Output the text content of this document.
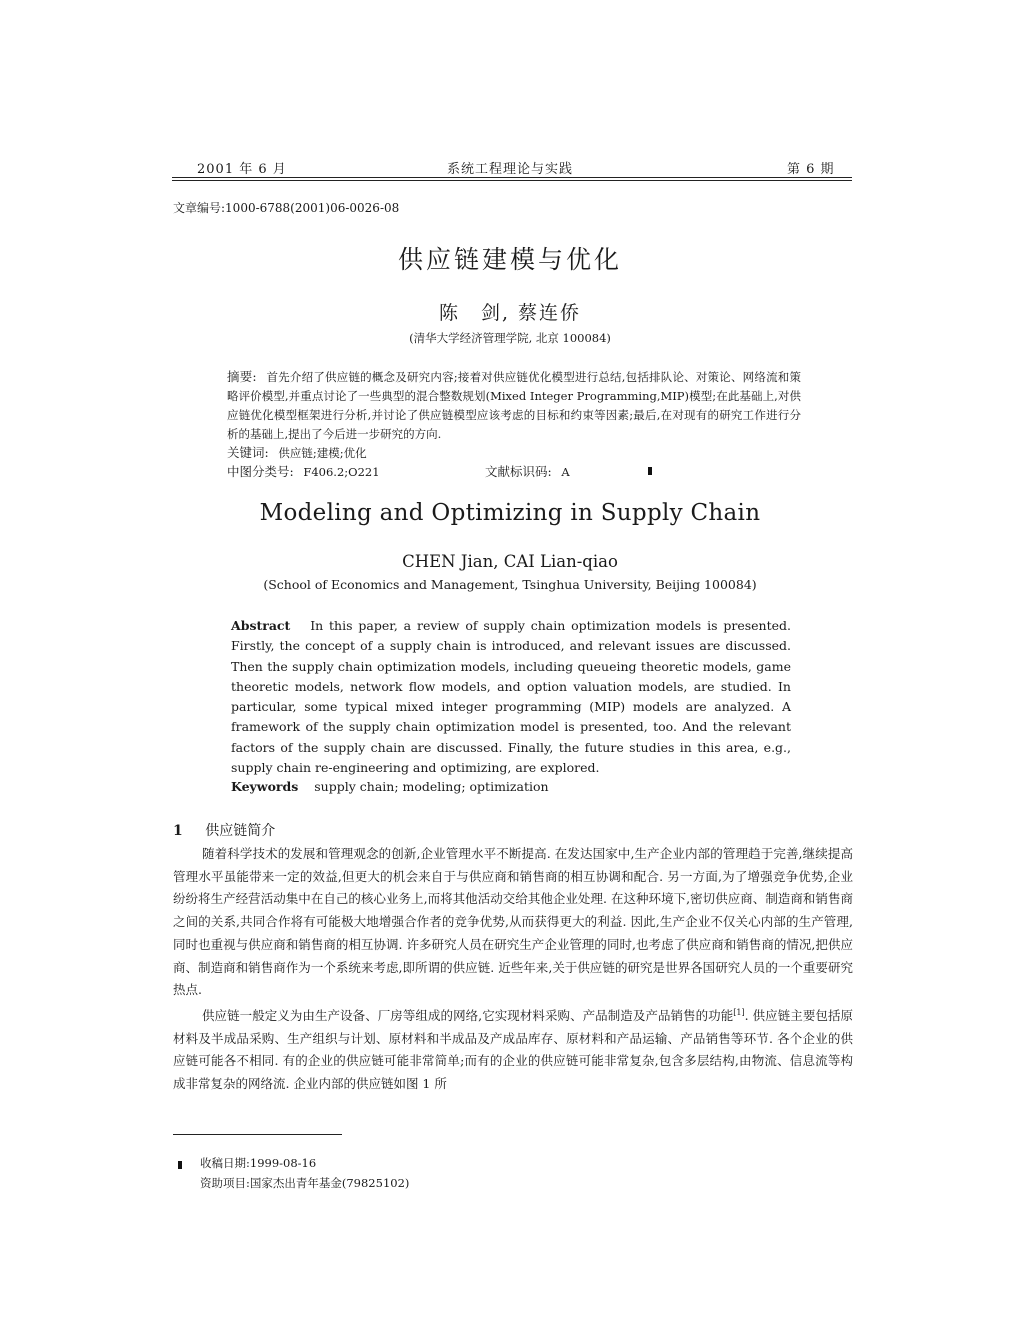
2001 年 6 月	系统工程理论与实践	第 6 期
文章编号:1000-6788(2001)06-0026-08
供应链建模与优化
陈　剑, 蔡连侨
(清华大学经济管理学院, 北京 100084)
摘要: 首先介绍了供应链的概念及研究内容;接着对供应链优化模型进行总结,包括排队论、对策论、网络流和策略评价模型,并重点讨论了一些典型的混合整数规划(Mixed Integer Programming,MIP)模型;在此基础上,对供应链优化模型框架进行分析,并讨论了供应链模型应该考虑的目标和约束等因素;最后,在对现有的研究工作进行分析的基础上,提出了今后进一步研究的方向.
关键词: 供应链;建模;优化
中图分类号: F406.2;O221	文献标识码: A
Modeling and Optimizing in Supply Chain
CHEN Jian, CAI Lian-qiao
(School of Economics and Management, Tsinghua University, Beijing 100084)
Abstract In this paper, a review of supply chain optimization models is presented. Firstly, the concept of a supply chain is introduced, and relevant issues are discussed. Then the supply chain optimization models, including queueing theoretic models, game theoretic models, network flow models, and option valuation models, are studied. In particular, some typical mixed integer programming (MIP) models are analyzed. A framework of the supply chain optimization model is presented, too. And the relevant factors of the supply chain are discussed. Finally, the future studies in this area, e.g., supply chain re-engineering and optimizing, are explored.
Keywords supply chain; modeling; optimization
1 供应链简介

随着科学技术的发展和管理观念的创新,企业管理水平不断提高. 在发达国家中,生产企业内部的管理趋于完善,继续提高管理水平虽能带来一定的效益,但更大的机会来自于与供应商和销售商的相互协调和配合. 另一方面,为了增强竞争优势,企业纷纷将生产经营活动集中在自己的核心业务上,而将其他活动交给其他企业处理. 在这种环境下,密切供应商、制造商和销售商之间的关系,共同合作将有可能极大地增强合作者的竞争优势,从而获得更大的利益. 因此,生产企业不仅关心内部的生产管理,同时也重视与供应商和销售商的相互协调. 许多研究人员在研究生产企业管理的同时,也考虑了供应商和销售商的情况,把供应商、制造商和销售商作为一个系统来考虑,即所谓的供应链. 近些年来,关于供应链的研究是世界各国研究人员的一个重要研究热点.

供应链一般定义为由生产设备、厂房等组成的网络,它实现材料采购、产品制造及产品销售的功能[1]. 供应链主要包括原材料及半成品采购、生产组织与计划、原材料和半成品及产成品库存、原材料和产品运输、产品销售等环节. 各个企业的供应链可能各不相同. 有的企业的供应链可能非常简单;而有的企业的供应链可能非常复杂,包含多层结构,由物流、信息流等构成非常复杂的网络流. 企业内部的供应链如图 1 所

收稿日期:1999-08-16
资助项目:国家杰出青年基金(79825102)
